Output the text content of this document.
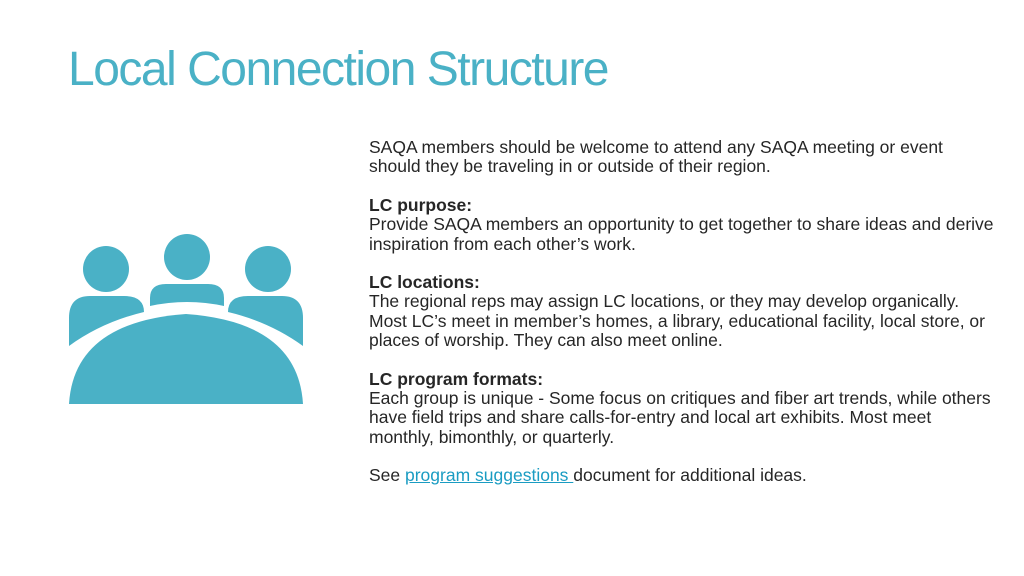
Local Connection Structure

SAQA members should be welcome to attend any SAQA meeting or event should they be traveling in or outside of their region.

LC purpose:
Provide SAQA members an opportunity to get together to share ideas and derive inspiration from each other’s work.

LC locations:
The regional reps may assign LC locations, or they may develop organically.
Most LC’s meet in member’s homes, a library, educational facility, local store, or places of worship. They can also meet online.

LC program formats:
Each group is unique - Some focus on critiques and fiber art trends, while others have field trips and share calls-for-entry and local art exhibits. Most meet monthly, bimonthly, or quarterly.

See program suggestions document for additional ideas.
